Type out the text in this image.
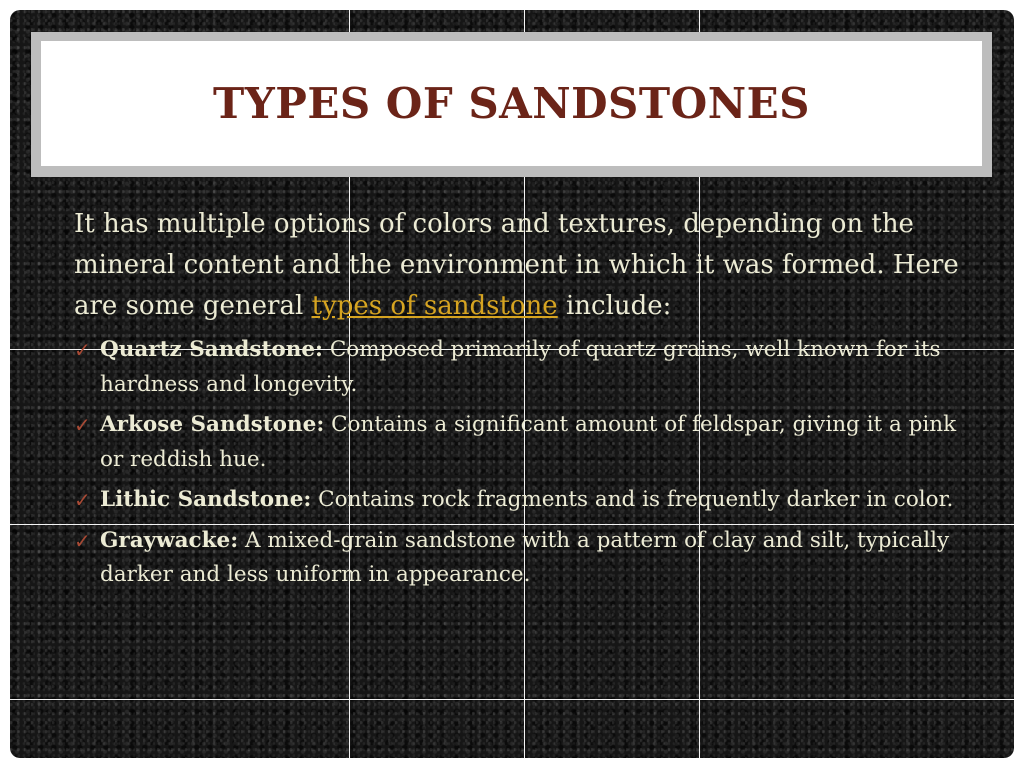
TYPES OF SANDSTONES

It has multiple options of colors and textures, depending on the mineral content and the environment in which it was formed. Here are some general types of sandstone include:

✓ Quartz Sandstone: Composed primarily of quartz grains, well known for its hardness and longevity.
✓ Arkose Sandstone: Contains a significant amount of feldspar, giving it a pink or reddish hue.
✓ Lithic Sandstone: Contains rock fragments and is frequently darker in color.
✓ Graywacke: A mixed-grain sandstone with a pattern of clay and silt, typically darker and less uniform in appearance.
